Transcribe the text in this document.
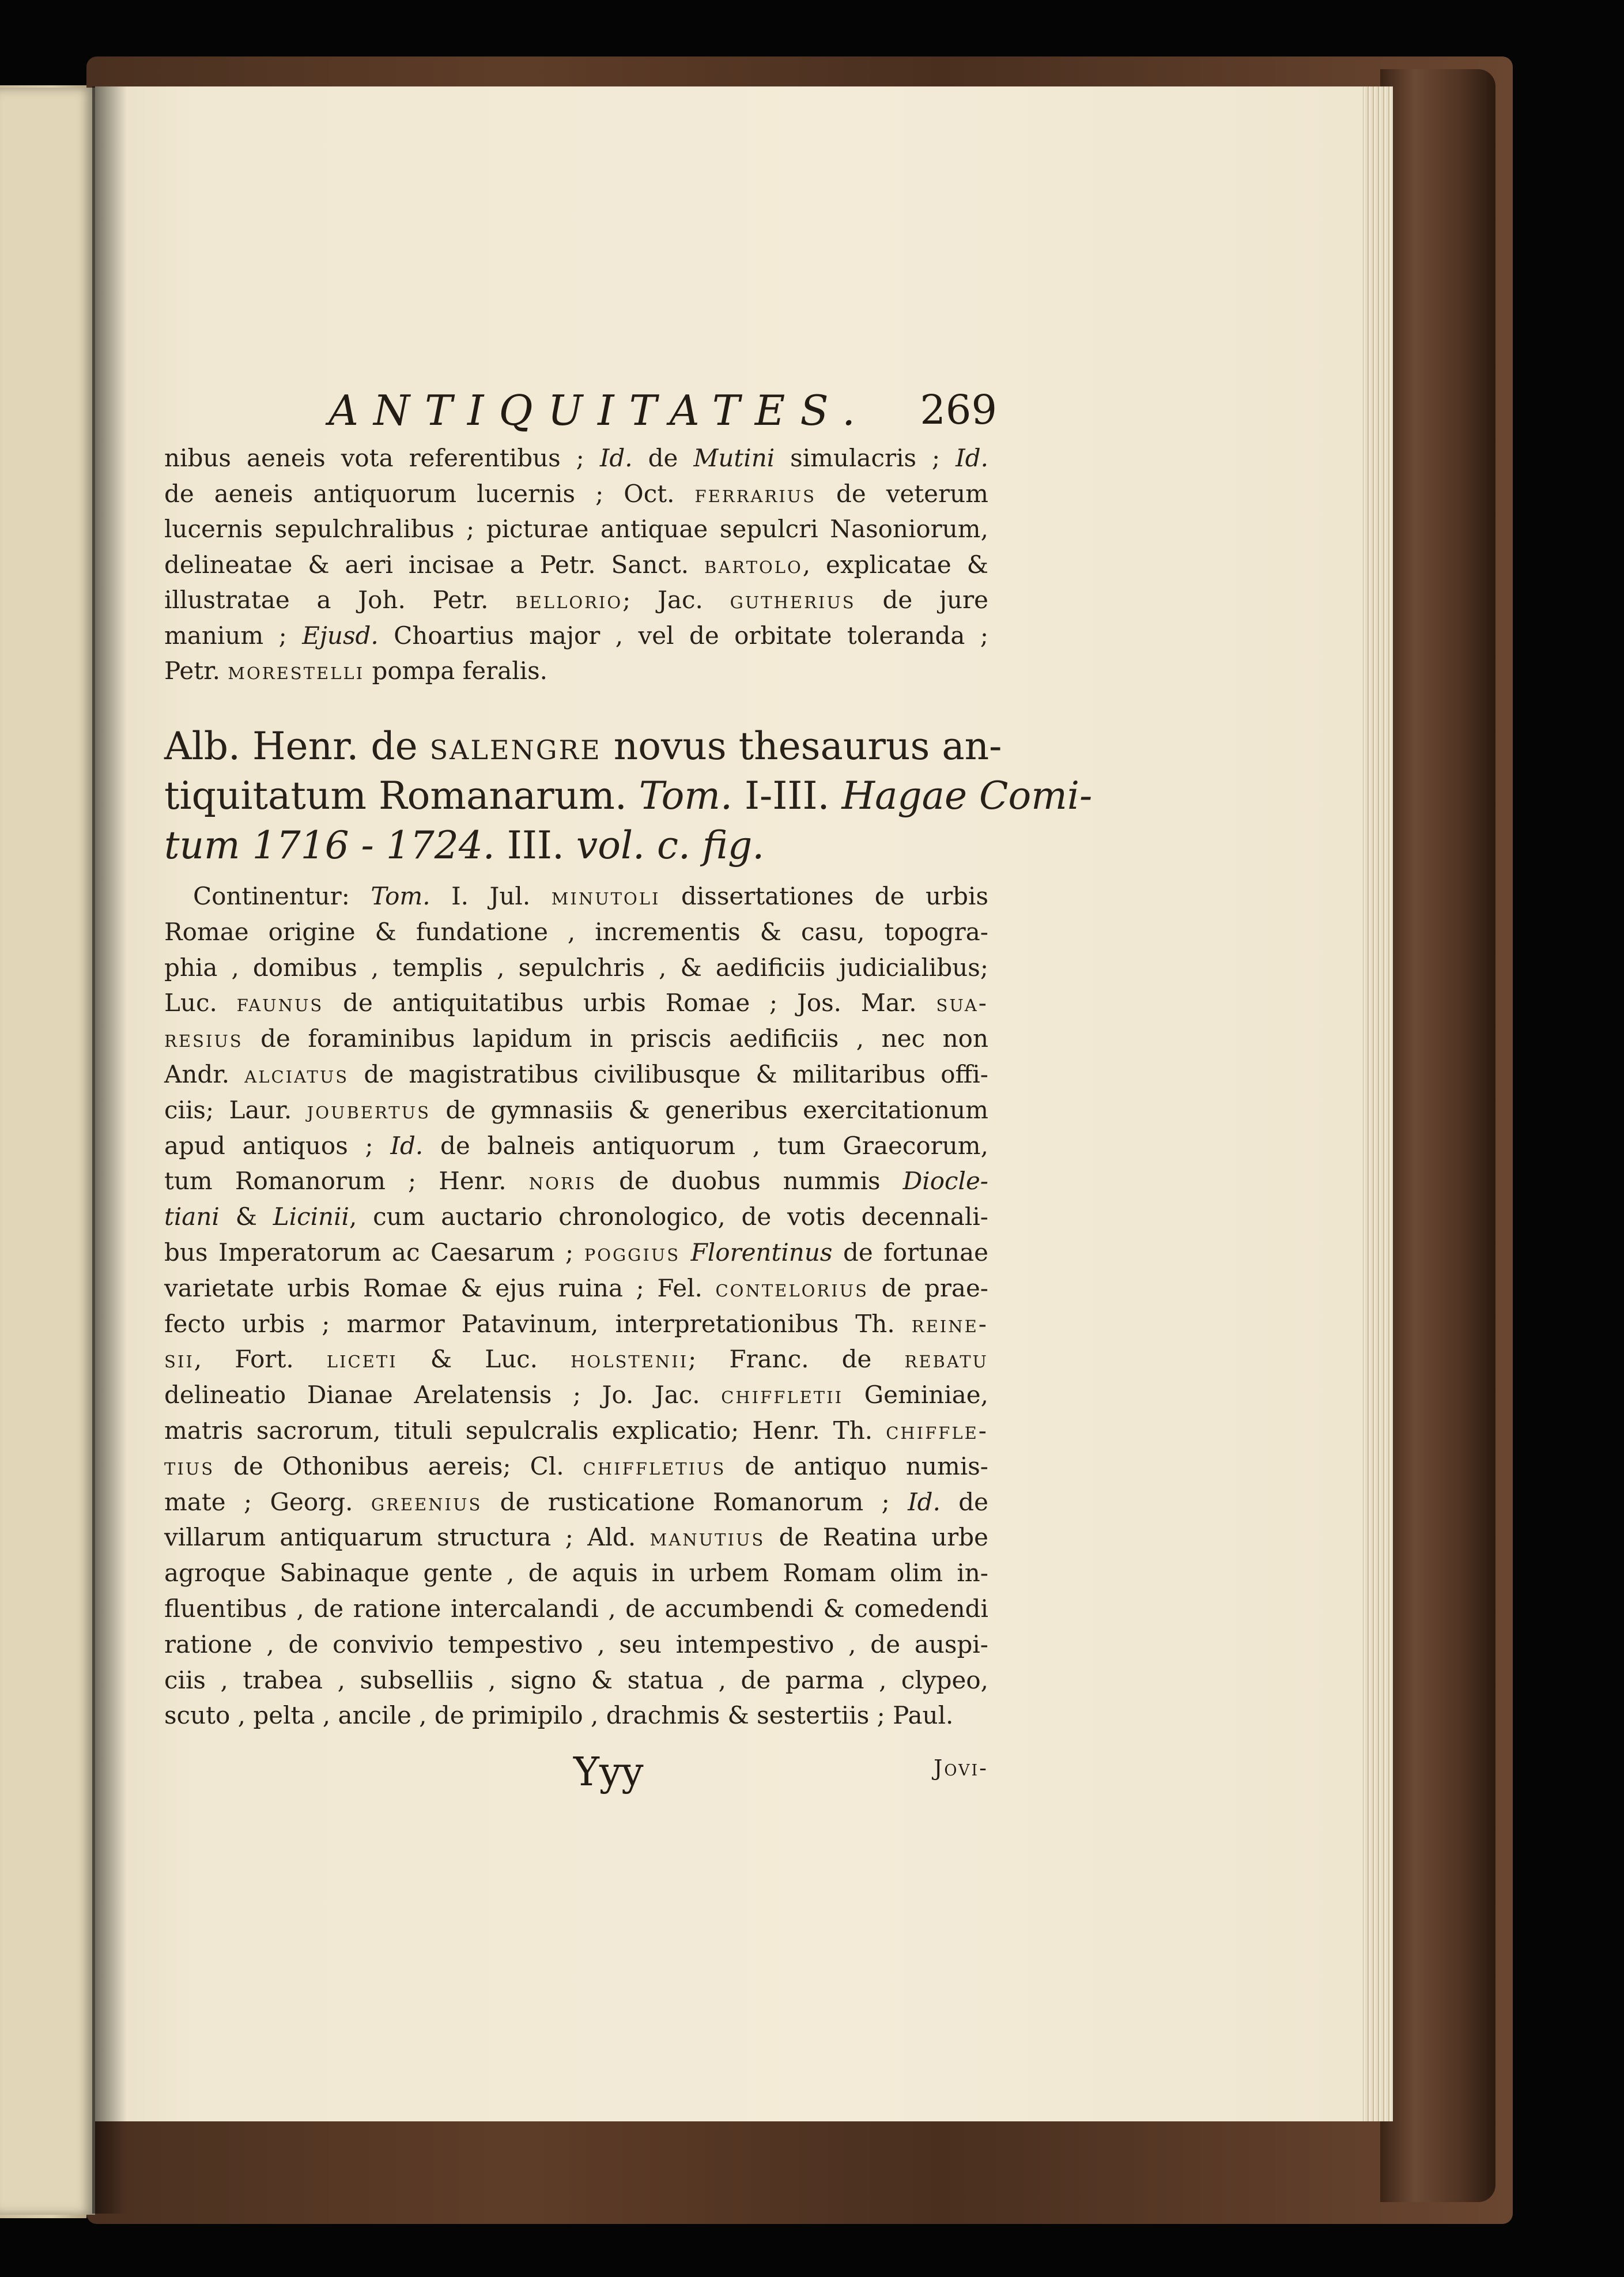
ANTIQUITATES. 269
nibus aeneis vota referentibus ; Id. de Mutini simulacris ; Id.
de aeneis antiquorum lucernis ; Oct. ferrarius de veterum
lucernis sepulchralibus ; picturae antiquae sepulcri Nasoniorum,
delineatae & aeri incisae a Petr. Sanct. bartolo, explicatae &
illustratae a Joh. Petr. bellorio; Jac. gutherius de jure
manium ; Ejusd. Choartius major , vel de orbitate toleranda ;
Petr. morestelli pompa feralis.
Alb. Henr. de salengre novus thesaurus an-
tiquitatum Romanarum. Tom. I-III. Hagae Comi-
tum 1716 - 1724. III. vol. c. fig.
Continentur: Tom. I. Jul. minutoli dissertationes de urbis
Romae origine & fundatione , incrementis & casu, topogra-
phia , domibus , templis , sepulchris , & aedificiis judicialibus;
Luc. faunus de antiquitatibus urbis Romae ; Jos. Mar. sua-
resius de foraminibus lapidum in priscis aedificiis , nec non
Andr. alciatus de magistratibus civilibusque & militaribus offi-
ciis; Laur. joubertus de gymnasiis & generibus exercitationum
apud antiquos ; Id. de balneis antiquorum , tum Graecorum,
tum Romanorum ; Henr. noris de duobus nummis Diocle-
tiani & Licinii, cum auctario chronologico, de votis decennali-
bus Imperatorum ac Caesarum ; poggius Florentinus de fortunae
varietate urbis Romae & ejus ruina ; Fel. contelorius de prae-
fecto urbis ; marmor Patavinum, interpretationibus Th. reine-
sii, Fort. liceti & Luc. holstenii; Franc. de rebatu
delineatio Dianae Arelatensis ; Jo. Jac. chiffletii Geminiae,
matris sacrorum, tituli sepulcralis explicatio; Henr. Th. chiffle-
tius de Othonibus aereis; Cl. chiffletius de antiquo numis-
mate ; Georg. greenius de rusticatione Romanorum ; Id. de
villarum antiquarum structura ; Ald. manutius de Reatina urbe
agroque Sabinaque gente , de aquis in urbem Romam olim in-
fluentibus , de ratione intercalandi , de accumbendi & comedendi
ratione , de convivio tempestivo , seu intempestivo , de auspi-
ciis , trabea , subselliis , signo & statua , de parma , clypeo,
scuto , pelta , ancile , de primipilo , drachmis & sestertiis ; Paul.
Yyy	Jovi-
